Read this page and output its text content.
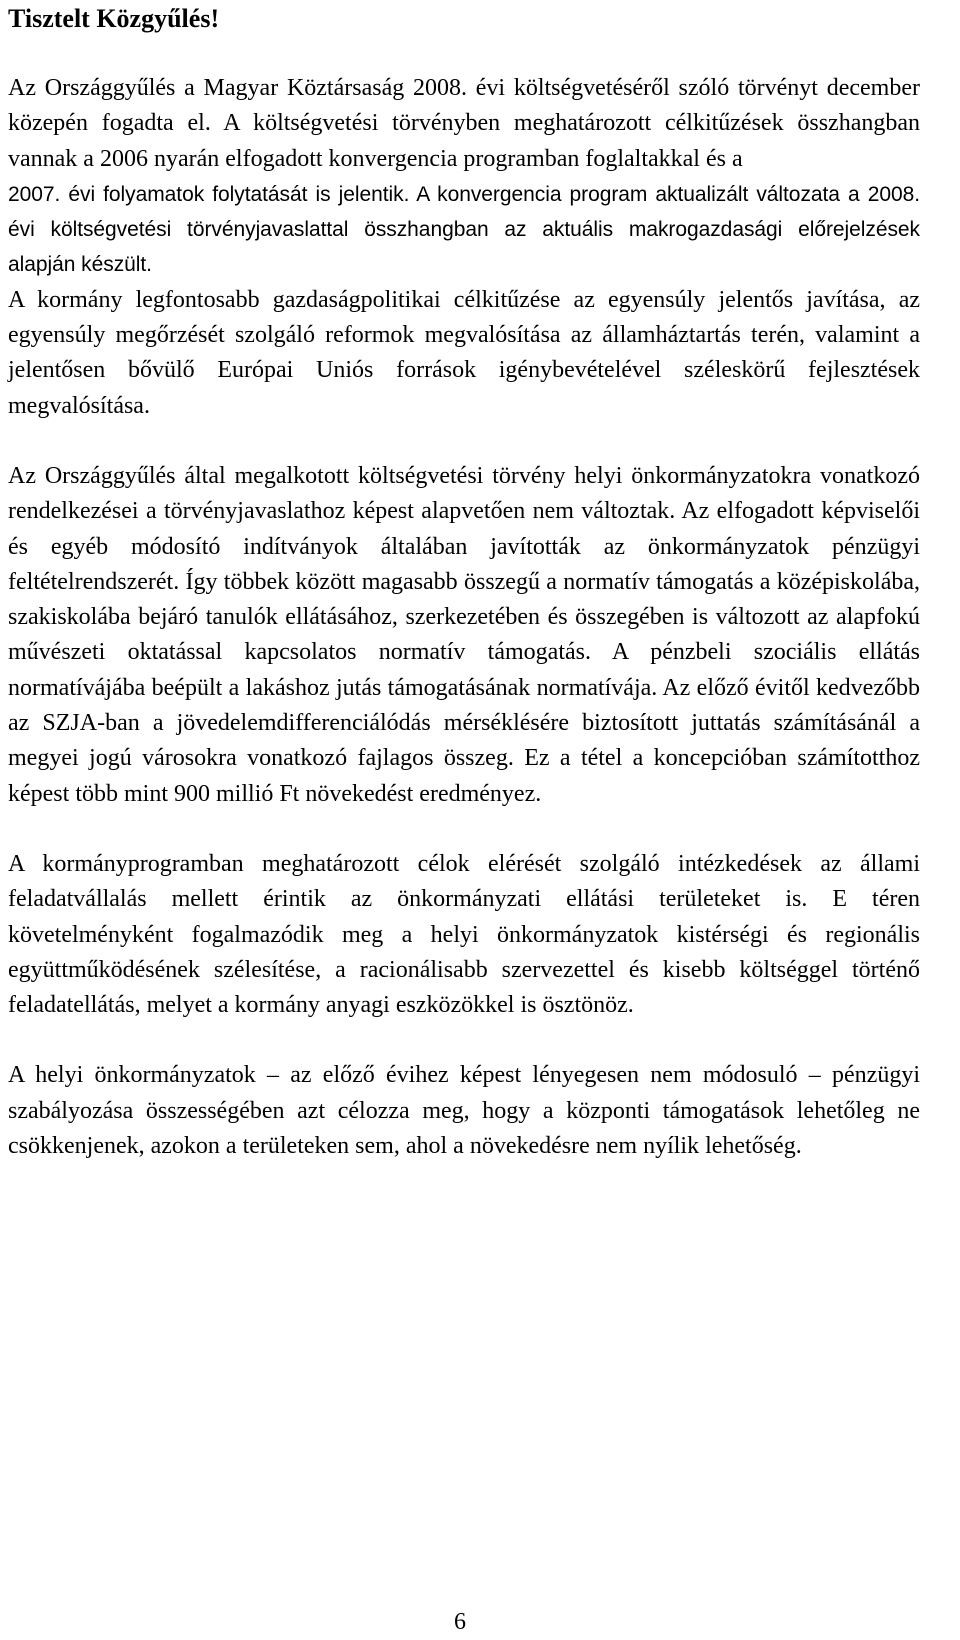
Tisztelt Közgyűlés!

Az Országgyűlés a Magyar Köztársaság 2008. évi költségvetéséről szóló törvényt december közepén fogadta el. A költségvetési törvényben meghatározott célkitűzések összhangban vannak a 2006 nyarán elfogadott konvergencia programban foglaltakkal és a

2007. évi folyamatok folytatását is jelentik. A konvergencia program aktualizált változata a 2008. évi költségvetési törvényjavaslattal összhangban az aktuális makrogazdasági előrejelzések alapján készült.

A kormány legfontosabb gazdaságpolitikai célkitűzése az egyensúly jelentős javítása, az egyensúly megőrzését szolgáló reformok megvalósítása az államháztartás terén, valamint a jelentősen bővülő Európai Uniós források igénybevételével széleskörű fejlesztések megvalósítása.

Az Országgyűlés által megalkotott költségvetési törvény helyi önkormányzatokra vonatkozó rendelkezései a törvényjavaslathoz képest alapvetően nem változtak. Az elfogadott képviselői és egyéb módosító indítványok általában javították az önkormányzatok pénzügyi feltételrendszerét. Így többek között magasabb összegű a normatív támogatás a középiskolába, szakiskolába bejáró tanulók ellátásához, szerkezetében és összegében is változott az alapfokú művészeti oktatással kapcsolatos normatív támogatás. A pénzbeli szociális ellátás normatívájába beépült a lakáshoz jutás támogatásának normatívája. Az előző évitől kedvezőbb az SZJA-ban a jövedelemdifferenciálódás mérséklésére biztosított juttatás számításánál a megyei jogú városokra vonatkozó fajlagos összeg. Ez a tétel a koncepcióban számítotthoz képest több mint 900 millió Ft növekedést eredményez.

A kormányprogramban meghatározott célok elérését szolgáló intézkedések az állami feladatvállalás mellett érintik az önkormányzati ellátási területeket is. E téren követelményként fogalmazódik meg a helyi önkormányzatok kistérségi és regionális együttműködésének szélesítése, a racionálisabb szervezettel és kisebb költséggel történő feladatellátás, melyet a kormány anyagi eszközökkel is ösztönöz.

A helyi önkormányzatok – az előző évihez képest lényegesen nem módosuló – pénzügyi szabályozása összességében azt célozza meg, hogy a központi támogatások lehetőleg ne csökkenjenek, azokon a területeken sem, ahol a növekedésre nem nyílik lehetőség.

6
